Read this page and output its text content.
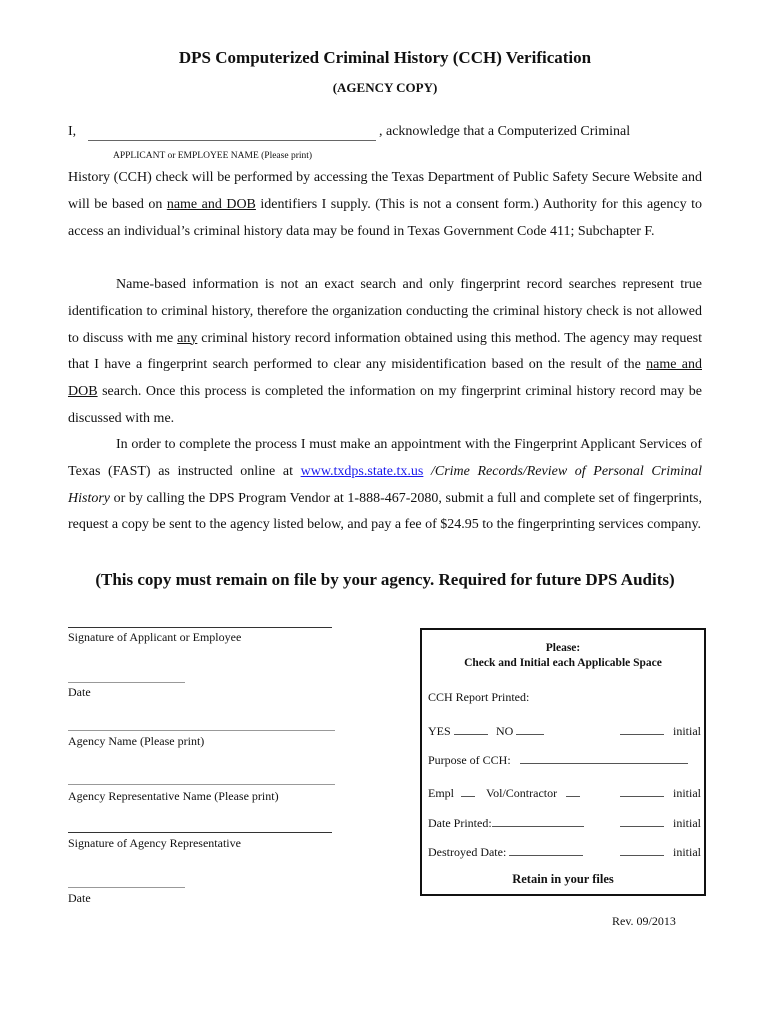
DPS Computerized Criminal History (CCH) Verification
(AGENCY COPY)
I,	, acknowledge that a Computerized Criminal
APPLICANT or EMPLOYEE NAME (Please print)
History (CCH) check will be performed by accessing the Texas Department of Public Safety Secure Website and will be based on name and DOB identifiers I supply. (This is not a consent form.) Authority for this agency to access an individual’s criminal history data may be found in Texas Government Code 411; Subchapter F.
Name-based information is not an exact search and only fingerprint record searches represent true identification to criminal history, therefore the organization conducting the criminal history check is not allowed to discuss with me any criminal history record information obtained using this method. The agency may request that I have a fingerprint search performed to clear any misidentification based on the result of the name and DOB search. Once this process is completed the information on my fingerprint criminal history record may be discussed with me.
In order to complete the process I must make an appointment with the Fingerprint Applicant Services of Texas (FAST) as instructed online at www.txdps.state.tx.us /Crime Records/Review of Personal Criminal History or by calling the DPS Program Vendor at 1-888-467-2080, submit a full and complete set of fingerprints, request a copy be sent to the agency listed below, and pay a fee of $24.95 to the fingerprinting services company.
(This copy must remain on file by your agency. Required for future DPS Audits)
Signature of Applicant or Employee
Date
Agency Name (Please print)
Agency Representative Name (Please print)
Signature of Agency Representative
Date
Please:
Check and Initial each Applicable Space
CCH Report Printed:
YES	NO	initial
Purpose of CCH:
Empl	Vol/Contractor	initial
Date Printed:	initial
Destroyed Date:	initial
Retain in your files
Rev. 09/2013
